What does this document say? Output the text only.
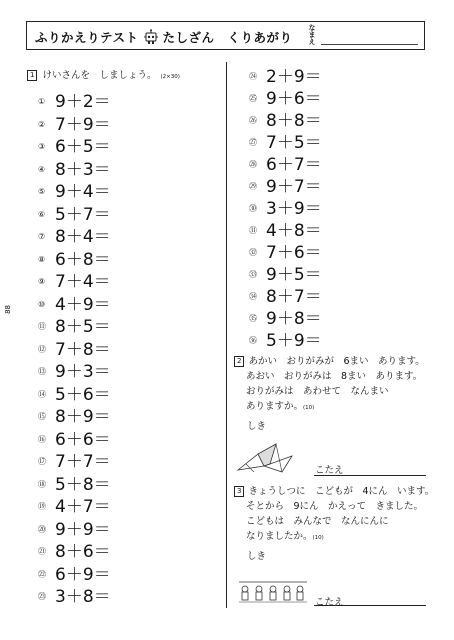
ふりかえりテスト たしざん　くりあがり なまえ
88
1 けいさんを　しましょう。 (2×30)
① 9＋2＝
② 7＋9＝
③ 6＋5＝
④ 8＋3＝
⑤ 9＋4＝
⑥ 5＋7＝
⑦ 8＋4＝
⑧ 6＋8＝
⑨ 7＋4＝
⑩ 4＋9＝
⑪ 8＋5＝
⑫ 7＋8＝
⑬ 9＋3＝
⑭ 5＋6＝
⑮ 8＋9＝
⑯ 6＋6＝
⑰ 7＋7＝
⑱ 5＋8＝
⑲ 4＋7＝
⑳ 9＋9＝
㉑ 8＋6＝
㉒ 6＋9＝
㉓ 3＋8＝
㉔ 2＋9＝
㉕ 9＋6＝
㉖ 8＋8＝
㉗ 7＋5＝
㉘ 6＋7＝
㉙ 9＋7＝
㉚ 3＋9＝
㉛ 4＋8＝
㉜ 7＋6＝
㉝ 9＋5＝
㉞ 8＋7＝
㉟ 9＋8＝
㊱ 5＋9＝
2 あかい　おりがみが　6まい　あります。
あおい　おりがみは　8まい　あります。
おりがみは　あわせて　なんまい
ありますか。(10)
しき
こたえ
3 きょうしつに　こどもが　4にん　います。
そとから　9にん　かえって　きました。
こどもは　みんなで　なんにんに
なりましたか。(10)
しき
こたえ
